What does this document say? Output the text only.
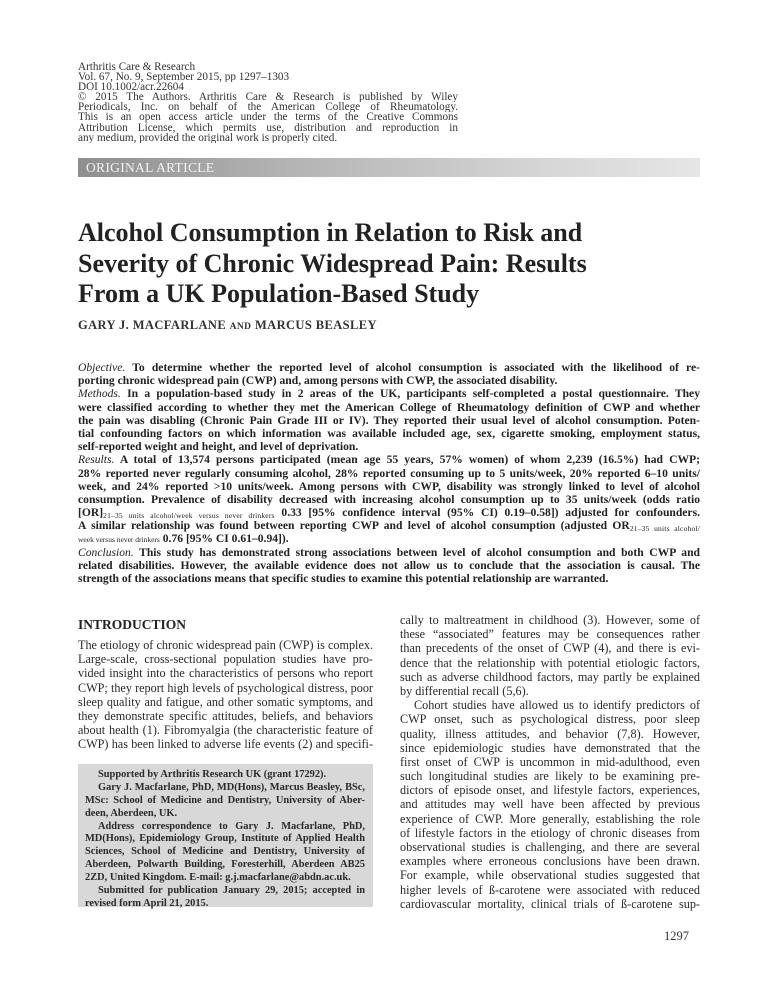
Arthritis Care & Research
Vol. 67, No. 9, September 2015, pp 1297–1303
DOI 10.1002/acr.22604
© 2015 The Authors. Arthritis Care & Research is published by Wiley
Periodicals, Inc. on behalf of the American College of Rheumatology.
This is an open access article under the terms of the Creative Commons
Attribution License, which permits use, distribution and reproduction in
any medium, provided the original work is properly cited.
ORIGINAL ARTICLE
Alcohol Consumption in Relation to Risk and
Severity of Chronic Widespread Pain: Results
From a UK Population-Based Study
GARY J. MACFARLANE AND MARCUS BEASLEY
Objective. To determine whether the reported level of alcohol consumption is associated with the likelihood of re-
porting chronic widespread pain (CWP) and, among persons with CWP, the associated disability.
Methods. In a population-based study in 2 areas of the UK, participants self-completed a postal questionnaire. They
were classified according to whether they met the American College of Rheumatology definition of CWP and whether
the pain was disabling (Chronic Pain Grade III or IV). They reported their usual level of alcohol consumption. Poten-
tial confounding factors on which information was available included age, sex, cigarette smoking, employment status,
self-reported weight and height, and level of deprivation.
Results. A total of 13,574 persons participated (mean age 55 years, 57% women) of whom 2,239 (16.5%) had CWP;
28% reported never regularly consuming alcohol, 28% reported consuming up to 5 units/week, 20% reported 6–10 units/
week, and 24% reported >10 units/week. Among persons with CWP, disability was strongly linked to level of alcohol
consumption. Prevalence of disability decreased with increasing alcohol consumption up to 35 units/week (odds ratio
$[OR]_{21-35 units alcohol/week versus never drinkers}$ 0.33 [95% confidence interval (95% CI) 0.19–0.58]) adjusted for confounders.
A similar relationship was found between reporting CWP and level of alcohol consumption (adjusted $OR_{21-35 units alcohol/}$
week versus never drinkers 0.76 [95% CI 0.61–0.94]).
Conclusion. This study has demonstrated strong associations between level of alcohol consumption and both CWP and
related disabilities. However, the available evidence does not allow us to conclude that the association is causal. The
strength of the associations means that specific studies to examine this potential relationship are warranted.
INTRODUCTION
The etiology of chronic widespread pain (CWP) is complex.
Large-scale, cross-sectional population studies have pro-
vided insight into the characteristics of persons who report
CWP; they report high levels of psychological distress, poor
sleep quality and fatigue, and other somatic symptoms, and
they demonstrate specific attitudes, beliefs, and behaviors
about health (1). Fibromyalgia (the characteristic feature of
CWP) has been linked to adverse life events (2) and specifi-
cally to maltreatment in childhood (3). However, some of
these “associated” features may be consequences rather
than precedents of the onset of CWP (4), and there is evi-
dence that the relationship with potential etiologic factors,
such as adverse childhood factors, may partly be explained
by differential recall (5,6).
Cohort studies have allowed us to identify predictors of
CWP onset, such as psychological distress, poor sleep
quality, illness attitudes, and behavior (7,8). However,
since epidemiologic studies have demonstrated that the
first onset of CWP is uncommon in mid-adulthood, even
such longitudinal studies are likely to be examining pre-
dictors of episode onset, and lifestyle factors, experiences,
and attitudes may well have been affected by previous
experience of CWP. More generally, establishing the role
of lifestyle factors in the etiology of chronic diseases from
observational studies is challenging, and there are several
examples where erroneous conclusions have been drawn.
For example, while observational studies suggested that
higher levels of ß-carotene were associated with reduced
cardiovascular mortality, clinical trials of ß-carotene sup-
Supported by Arthritis Research UK (grant 17292).
Gary J. Macfarlane, PhD, MD(Hons), Marcus Beasley, BSc,
MSc: School of Medicine and Dentistry, University of Aber-
deen, Aberdeen, UK.
Address correspondence to Gary J. Macfarlane, PhD,
MD(Hons), Epidemiology Group, Institute of Applied Health
Sciences, School of Medicine and Dentistry, University of
Aberdeen, Polwarth Building, Foresterhill, Aberdeen AB25
2ZD, United Kingdom. E-mail: g.j.macfarlane@abdn.ac.uk.
Submitted for publication January 29, 2015; accepted in
revised form April 21, 2015.
1297
